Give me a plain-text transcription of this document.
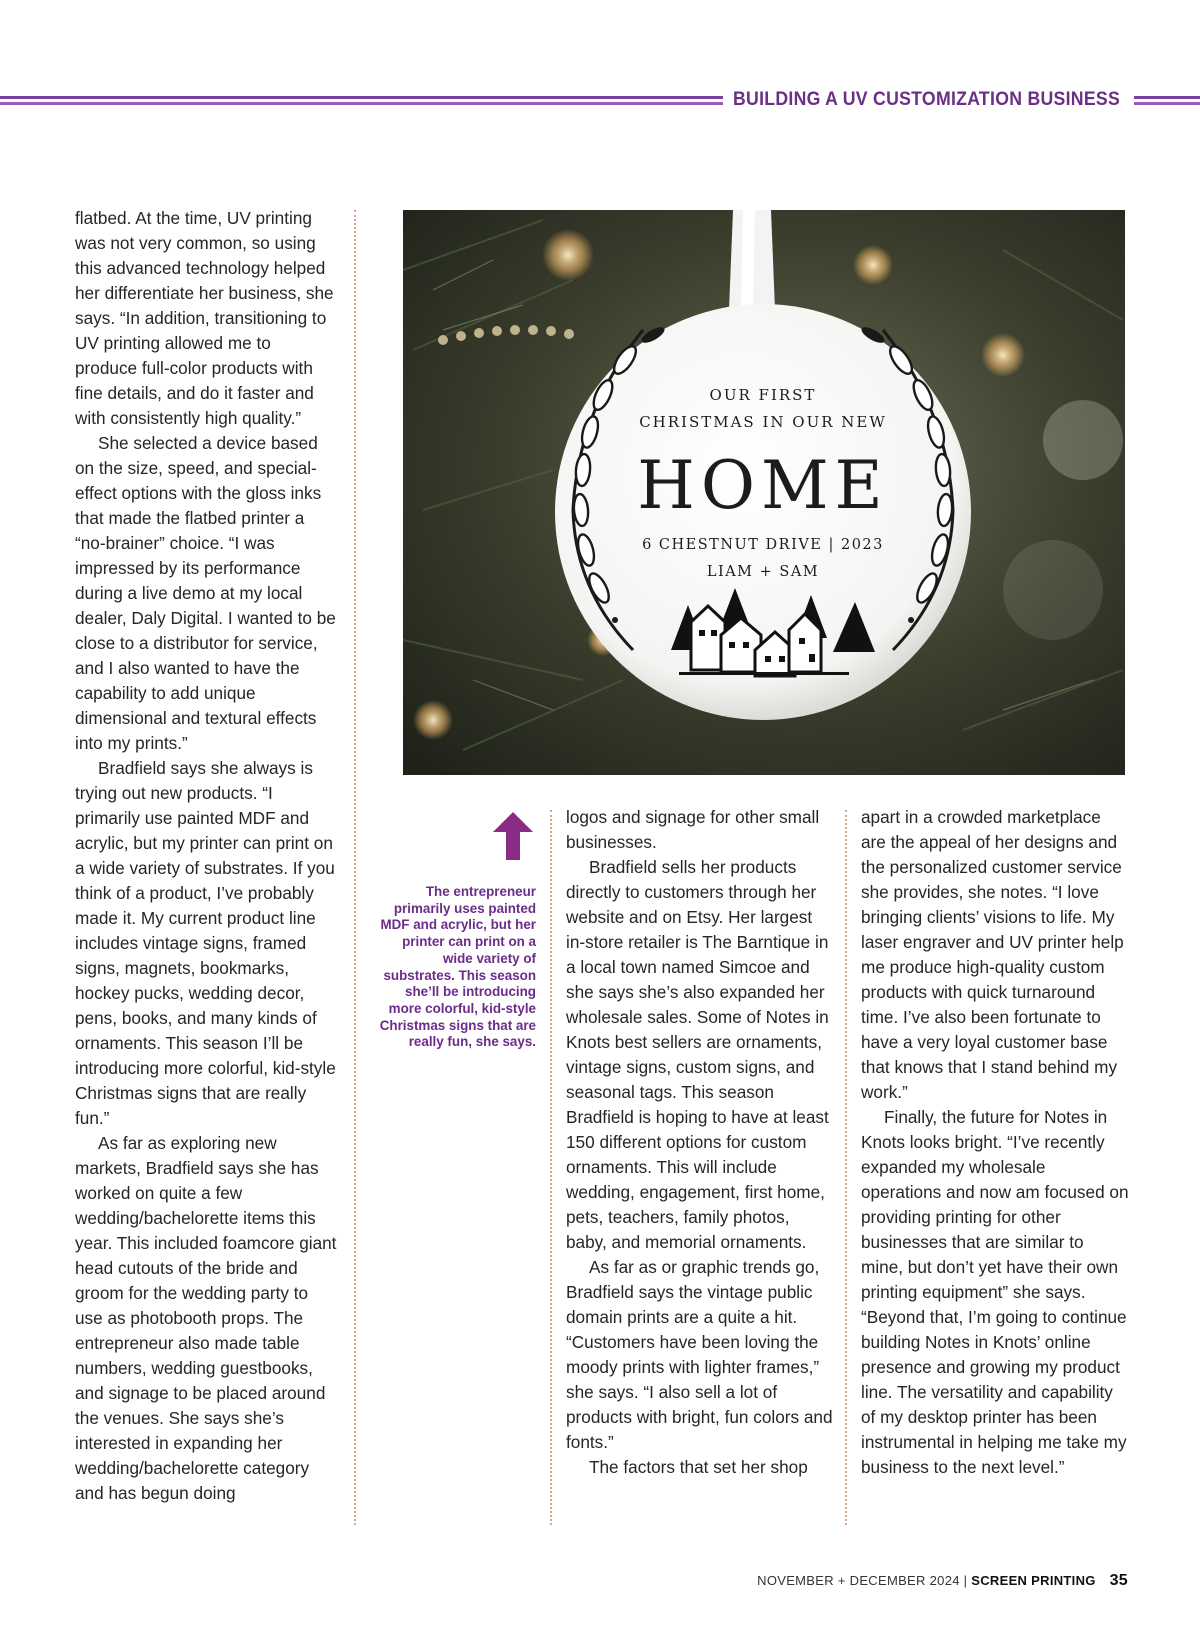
BUILDING A UV CUSTOMIZATION BUSINESS

flatbed. At the time, UV printing was not very common, so using this advanced technology helped her differentiate her business, she says. “In addition, transitioning to UV printing allowed me to produce full-color products with fine details, and do it faster and with consistently high quality.”

She selected a device based on the size, speed, and special-effect options with the gloss inks that made the flatbed printer a “no-brainer” choice. “I was impressed by its performance during a live demo at my local dealer, Daly Digital. I wanted to be close to a distributor for service, and I also wanted to have the capability to add unique dimensional and textural effects into my prints.”

Bradfield says she always is trying out new products. “I primarily use painted MDF and acrylic, but my printer can print on a wide variety of substrates. If you think of a product, I’ve probably made it. My current product line includes vintage signs, framed signs, magnets, bookmarks, hockey pucks, wedding decor, pens, books, and many kinds of ornaments. This season I’ll be introducing more colorful, kid-style Christmas signs that are really fun.”

As far as exploring new markets, Bradfield says she has worked on quite a few wedding/bachelorette items this year. This included foamcore giant head cutouts of the bride and groom for the wedding party to use as photobooth props. The entrepreneur also made table numbers, wedding guestbooks, and signage to be placed around the venues. She says she’s interested in expanding her wedding/bachelorette category and has begun doing

OUR FIRST
CHRISTMAS IN OUR NEW
HOME
6 CHESTNUT DRIVE | 2023
LIAM + SAM
The entrepreneur primarily uses painted MDF and acrylic, but her printer can print on a wide variety of substrates. This season she’ll be introducing more colorful, kid-style Christmas signs that are really fun, she says.

logos and signage for other small businesses.

Bradfield sells her products directly to customers through her website and on Etsy. Her largest in-store retailer is The Barntique in a local town named Simcoe and she says she’s also expanded her wholesale sales. Some of Notes in Knots best sellers are ornaments, vintage signs, custom signs, and seasonal tags. This season Bradfield is hoping to have at least 150 different options for custom ornaments. This will include wedding, engagement, first home, pets, teachers, family photos, baby, and memorial ornaments.

As far as or graphic trends go, Bradfield says the vintage public domain prints are a quite a hit. “Customers have been loving the moody prints with lighter frames,” she says. “I also sell a lot of products with bright, fun colors and fonts.”

The factors that set her shop

apart in a crowded marketplace are the appeal of her designs and the personalized customer service she provides, she notes. “I love bringing clients’ visions to life. My laser engraver and UV printer help me produce high-quality custom products with quick turnaround time. I’ve also been fortunate to have a very loyal customer base that knows that I stand behind my work.”

Finally, the future for Notes in Knots looks bright. “I’ve recently expanded my wholesale operations and now am focused on providing printing for other businesses that are similar to mine, but don’t yet have their own printing equipment” she says. “Beyond that, I’m going to continue building Notes in Knots’ online presence and growing my product line. The versatility and capability of my desktop printer has been instrumental in helping me take my business to the next level.”

NOVEMBER + DECEMBER 2024 | SCREEN PRINTING 35
